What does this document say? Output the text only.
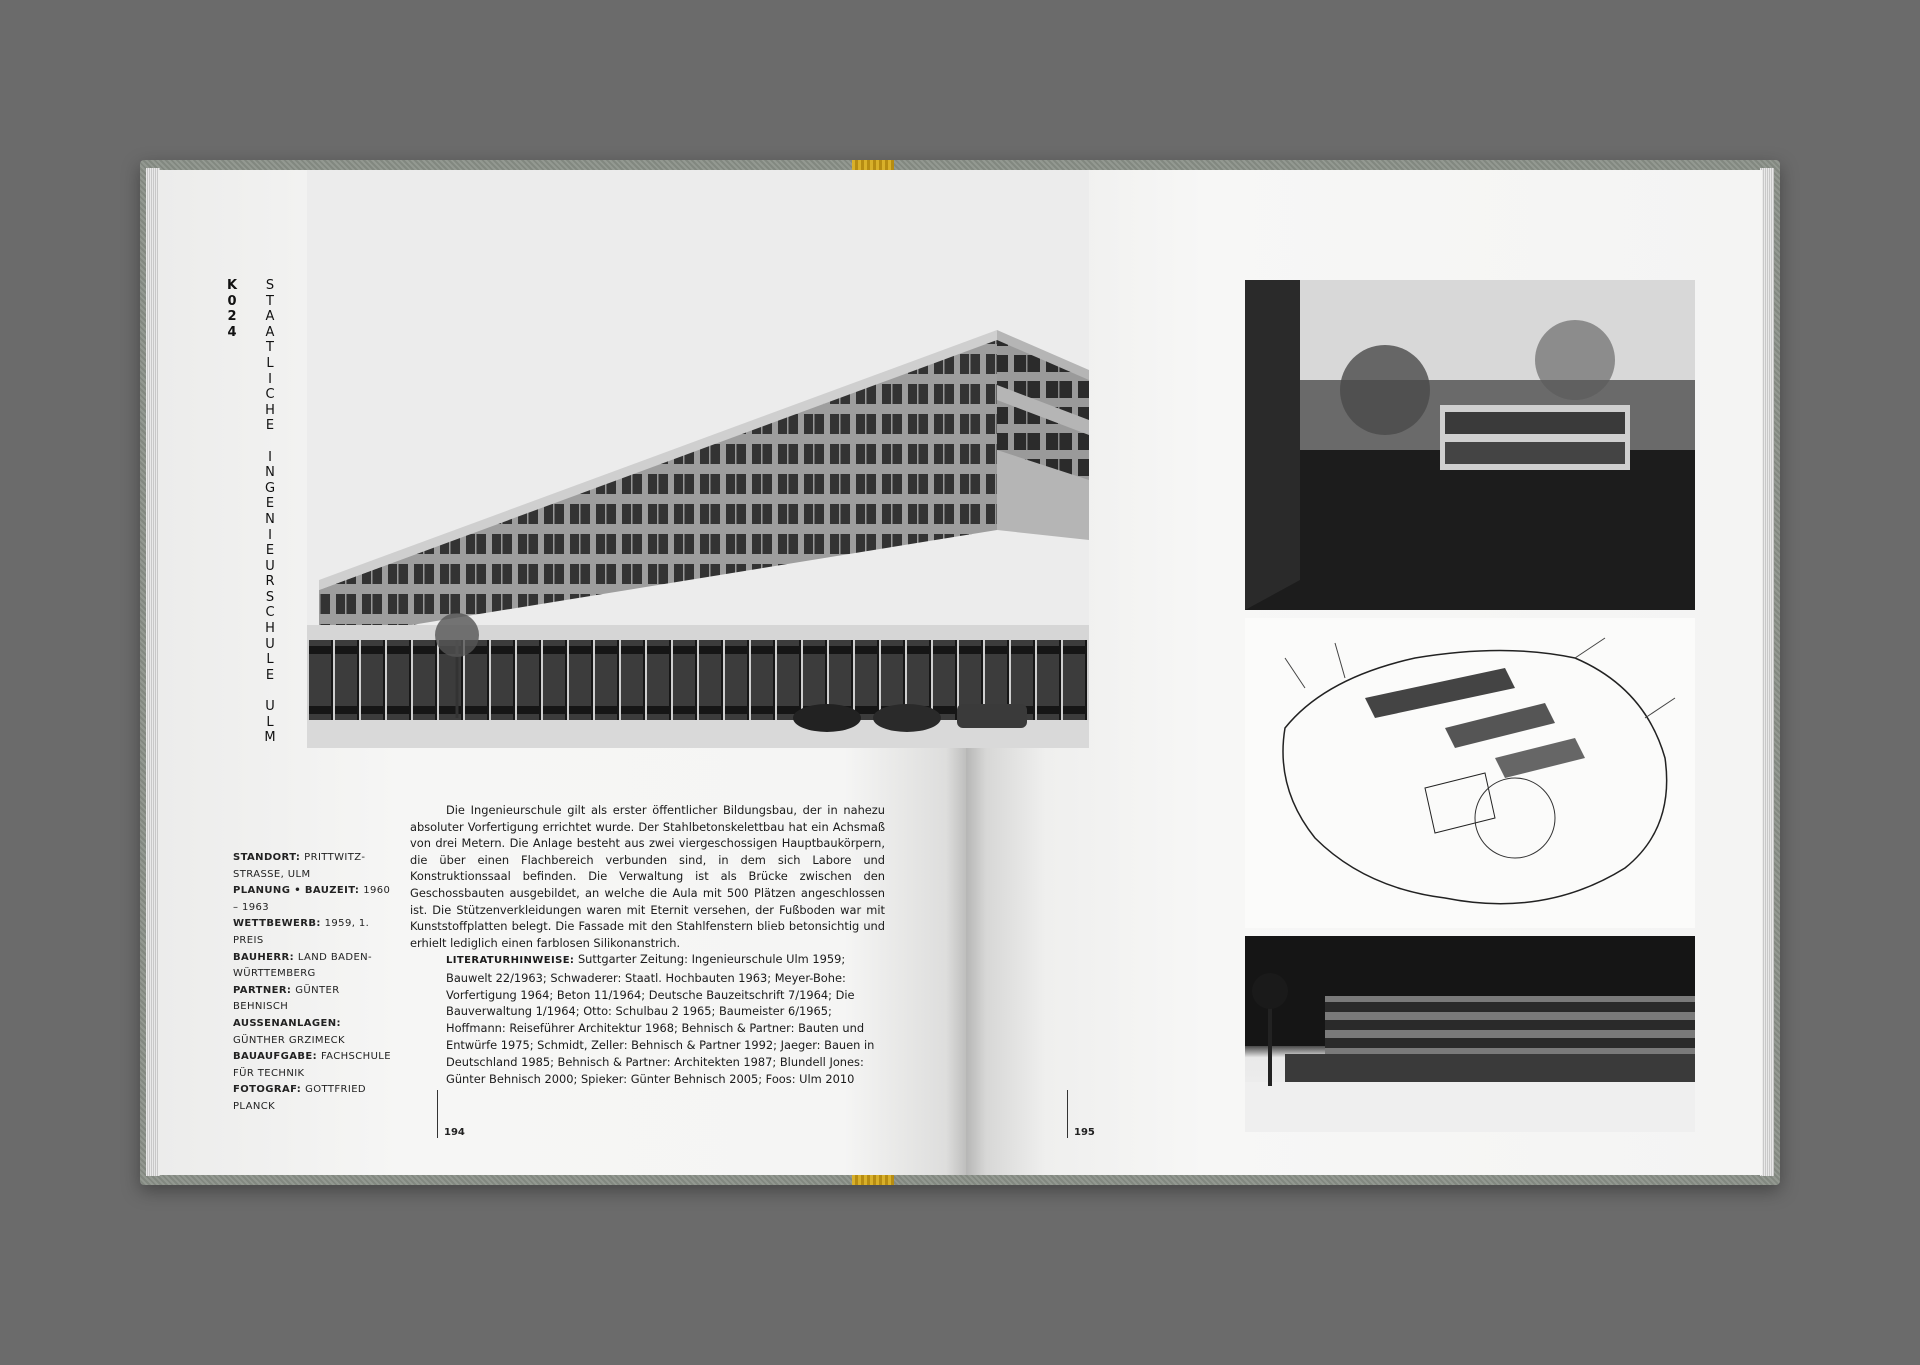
K
0
2
4
S
T
A
A
T
L
I
C
H
E

I
N
G
E
N
I
E
U
R
S
C
H
U
L
E

U
L
M
STANDORT: PRITTWITZ-STRASSE, ULM
PLANUNG • BAUZEIT: 1960 – 1963
WETTBEWERB: 1959, 1. PREIS
BAUHERR: LAND BADEN-WÜRTTEMBERG
PARTNER: GÜNTER BEHNISCH
AUSSENANLAGEN: GÜNTHER GRZIMECK
BAUAUFGABE: FACHSCHULE FÜR TECHNIK
FOTOGRAF: GOTTFRIED PLANCK

Die Ingenieurschule gilt als erster öffentlicher Bildungsbau, der in nahezu absoluter Vorfertigung errichtet wurde. Der Stahlbetonskelettbau hat ein Achsmaß von drei Metern. Die Anlage besteht aus zwei viergeschossigen Hauptbaukörpern, die über einen Flachbereich verbunden sind, in dem sich Labore und Konstruktionssaal befinden. Die Verwaltung ist als Brücke zwischen den Geschossbauten ausgebildet, an welche die Aula mit 500 Plätzen angeschlossen ist. Die Stützenverkleidungen waren mit Eternit versehen, der Fußboden war mit Kunststoffplatten belegt. Die Fassade mit den Stahlfenstern blieb betonsichtig und erhielt lediglich einen farblosen Silikonanstrich.

LITERATURHINWEISE: Suttgarter Zeitung: Ingenieurschule Ulm 1959; Bauwelt 22/1963; Schwaderer: Staatl. Hochbauten 1963; Meyer-Bohe: Vorfertigung 1964; Beton 11/1964; Deutsche Bauzeitschrift 7/1964; Die Bauverwaltung 1/1964; Otto: Schulbau 2 1965; Baumeister 6/1965; Hoffmann: Reiseführer Architektur 1968; Behnisch & Partner: Bauten und Entwürfe 1975; Schmidt, Zeller: Behnisch & Partner 1992; Jaeger: Bauen in Deutschland 1985; Behnisch & Partner: Architekten 1987; Blundell Jones: Günter Behnisch 2000; Spieker: Günter Behnisch 2005; Foos: Ulm 2010
194	195
